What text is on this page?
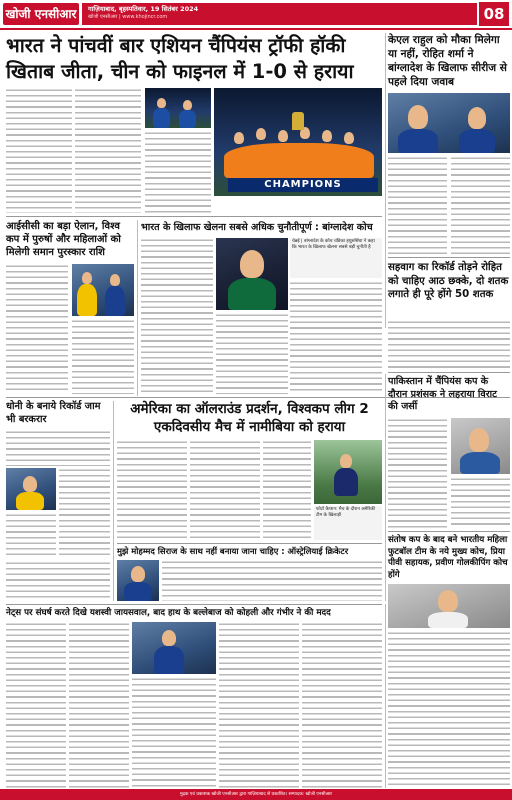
खोजी एनसीआर	गाज़ियाबाद, बृहस्पतिवार, 19 सितंबर 2024
खोजी एनसीआर | www.khojincr.com	08
भारत ने पांचवीं बार एशियन चैंपियंस ट्रॉफी हॉकी खिताब जीता, चीन को फाइनल में 1-0 से हराया
CHAMPIONS
केएल राहुल को मौका मिलेगा या नहीं, रोहित शर्मा ने बांग्लादेश के खिलाफ सीरीज से पहले दिया जवाब
सहवाग का रिकॉर्ड तोड़ने रोहित को चाहिए आठ छक्के, दो शतक लगाते ही पूरे होंगे 50 शतक
आईसीसी का बड़ा ऐलान, विश्व कप में पुरुषों और महिलाओं को मिलेगी समान पुरस्कार राशि
भारत के खिलाफ खेलना सबसे अधिक चुनौतीपूर्ण : बांग्लादेश कोच
चेन्नई | बांग्लादेश के कोच चंडिका हथुरुसिंघा ने कहा कि भारत के खिलाफ खेलना सबसे बड़ी चुनौती है
धोनी के बनाये रिकॉर्ड जाम भी बरकरार
अमेरिका का ऑलराउंड प्रदर्शन, विश्वकप लीग 2 एकदिवसीय मैच में नामीबिया को हराया
फोटो कैप्शन: मैच के दौरान अमेरिकी टीम के खिलाड़ी
पाकिस्तान में चैंपियंस कप के दौरान प्रशंसक ने लहराया विराट की जर्सी
मुझे मोहम्मद सिराज के साथ नहीं बनाया जाना चाहिए : ऑस्ट्रेलियाई क्रिकेटर
संतोष कप के बाद बने भारतीय महिला फुटबॉल टीम के नये मुख्य कोच, प्रिया पीवी सहायक, प्रवीण गोलकीपिंग कोच होंगे
नेट्स पर संघर्ष करते दिखे यशस्वी जायसवाल, बाद हाथ के बल्लेबाज को कोहली और गंभीर ने की मदद
मुद्रक एवं प्रकाशक खोजी एनसीआर द्वारा गाज़ियाबाद से प्रकाशित। सम्पादक: खोजी एनसीआर
